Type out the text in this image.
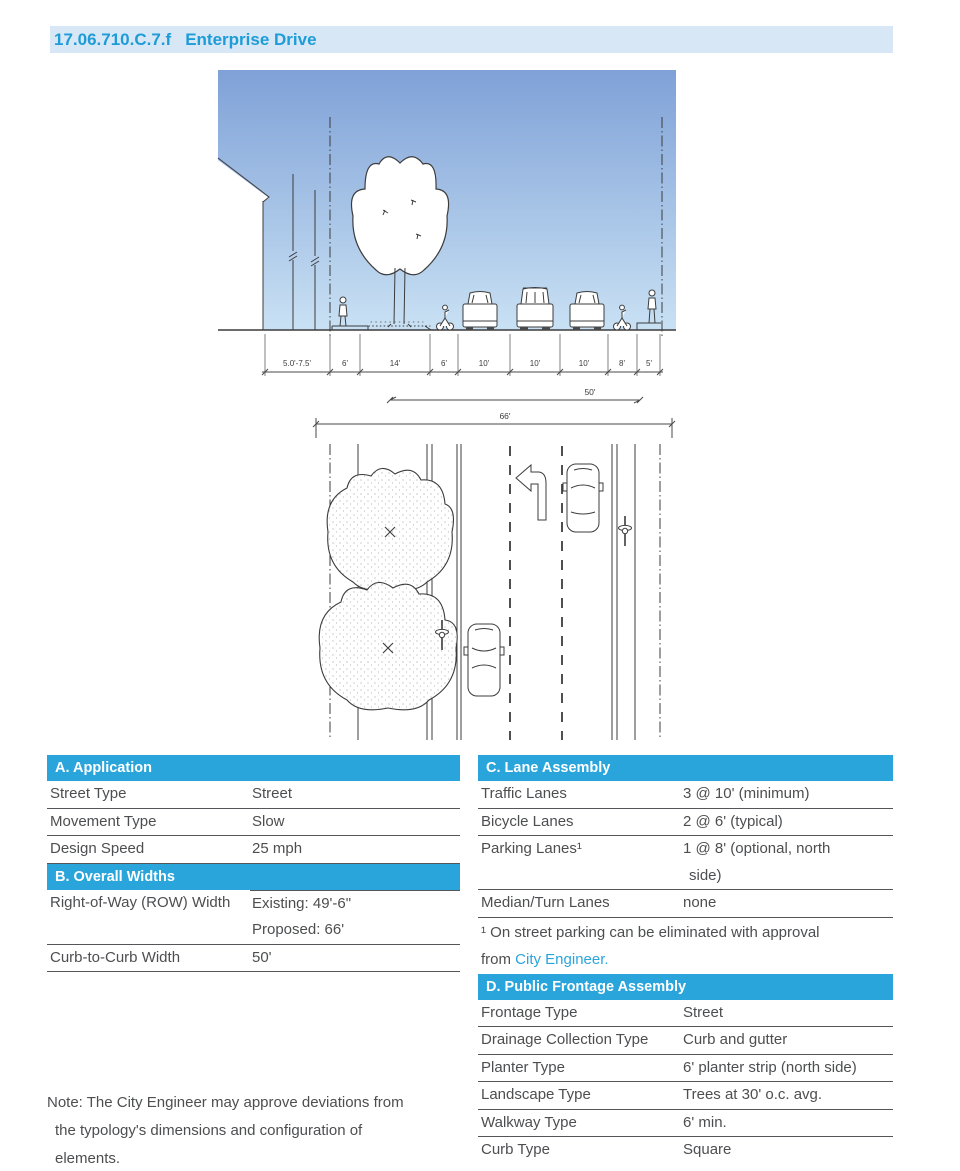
17.06.710.C.7.f Enterprise Drive
5.0'-7.5'	6'	14'	6'	10'	10'	10'	8'	5'
50'
66'
A. Application
Street Type	Street
Movement Type	Slow
Design Speed	25 mph
B. Overall Widths
Right-of-Way (ROW) Width	Existing: 49'-6"
Proposed: 66'
Curb-to-Curb Width	50'
C. Lane Assembly
Traffic Lanes	3 @ 10' (minimum)
Bicycle Lanes	2 @ 6' (typical)
Parking Lanes¹	1 @ 8' (optional, north
side)
Median/Turn Lanes	none
¹ On street parking can be eliminated with approval
from City Engineer.
D. Public Frontage Assembly
Frontage Type	Street
Drainage Collection Type	Curb and gutter
Planter Type	6' planter strip (north side)
Landscape Type	Trees at 30' o.c. avg.
Walkway Type	6' min.
Curb Type	Square
Note: The City Engineer may approve deviations from
the typology's dimensions and configuration of
elements.
